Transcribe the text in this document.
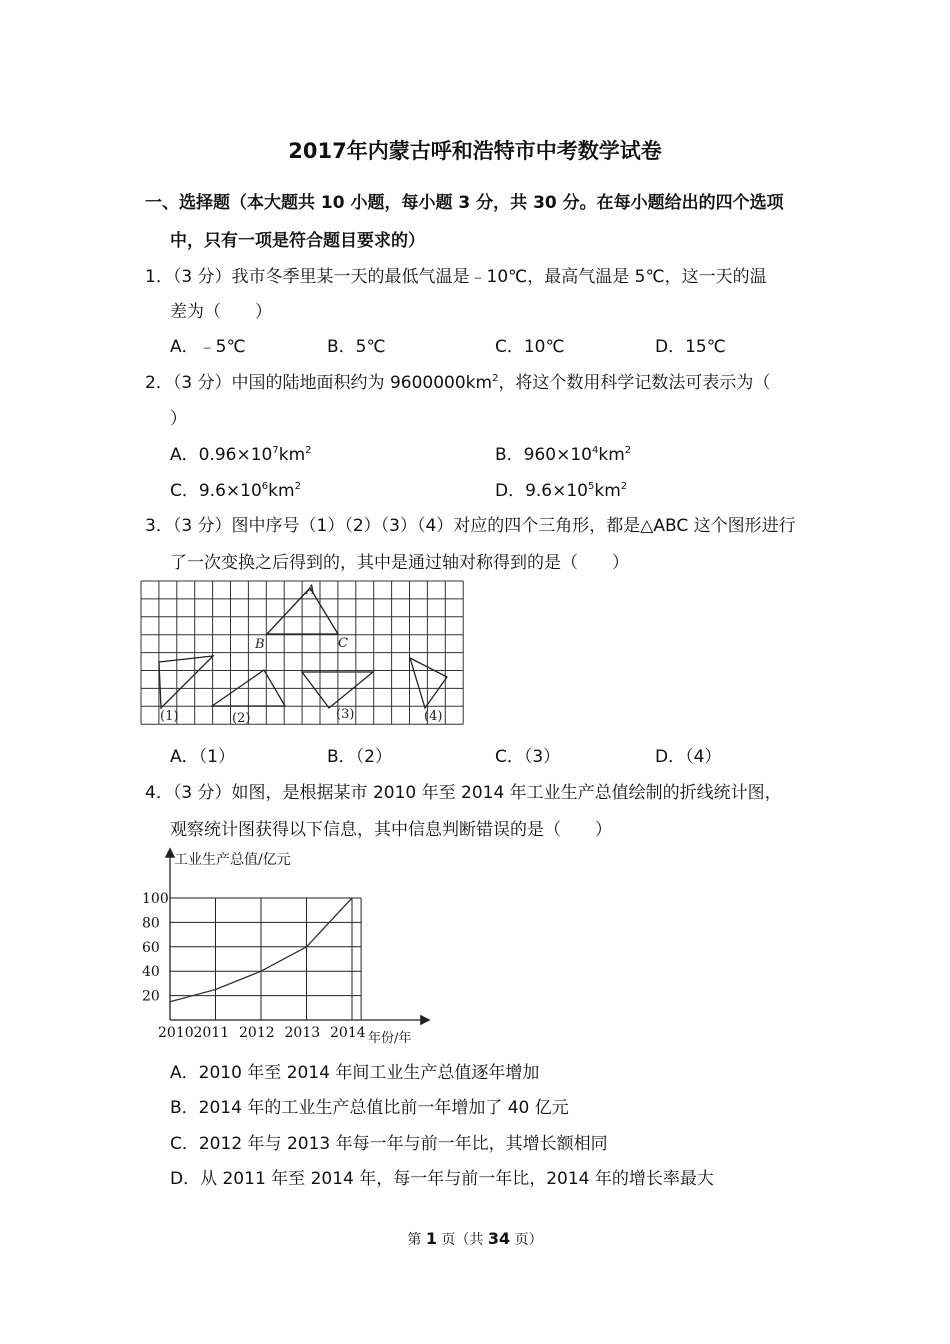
2017年内蒙古呼和浩特市中考数学试卷
一、选择题（本大题共 10 小题，每小题 3 分，共 30 分。在每小题给出的四个选项
中，只有一项是符合题目要求的）
1．（3 分）我市冬季里某一天的最低气温是﹣10℃，最高气温是 5℃，这一天的温
差为（　　）
A．﹣5℃	B．5℃	C．10℃	D．15℃
2．（3 分）中国的陆地面积约为 $9600000km^2$，将这个数用科学记数法可表示为（
）
A．$0.96\times 10^7km^2$	B．$960\times 10^4km^2$
C．$9.6\times 10^6km^2$	D．$9.6\times 10^5km^2$
3．（3 分）图中序号（1）（2）（3）（4）对应的四个三角形，都是△ABC 这个图形进行
了一次变换之后得到的，其中是通过轴对称得到的是（　　）
A
B	C
(1)	(2)	(3)	(4)
A．（1）	B．（2）	C．（3）	D．（4）
4．（3 分）如图，是根据某市 2010 年至 2014 年工业生产总值绘制的折线统计图，
观察统计图获得以下信息，其中信息判断错误的是（　　）
工业生产总值/亿元
年份/年
20
40
60
80
100
2010 2011 2012 2013 2014
A．2010 年至 2014 年间工业生产总值逐年增加
B．2014 年的工业生产总值比前一年增加了 40 亿元
C．2012 年与 2013 年每一年与前一年比，其增长额相同
D．从 2011 年至 2014 年，每一年与前一年比，2014 年的增长率最大
第 1 页（共 34 页）
